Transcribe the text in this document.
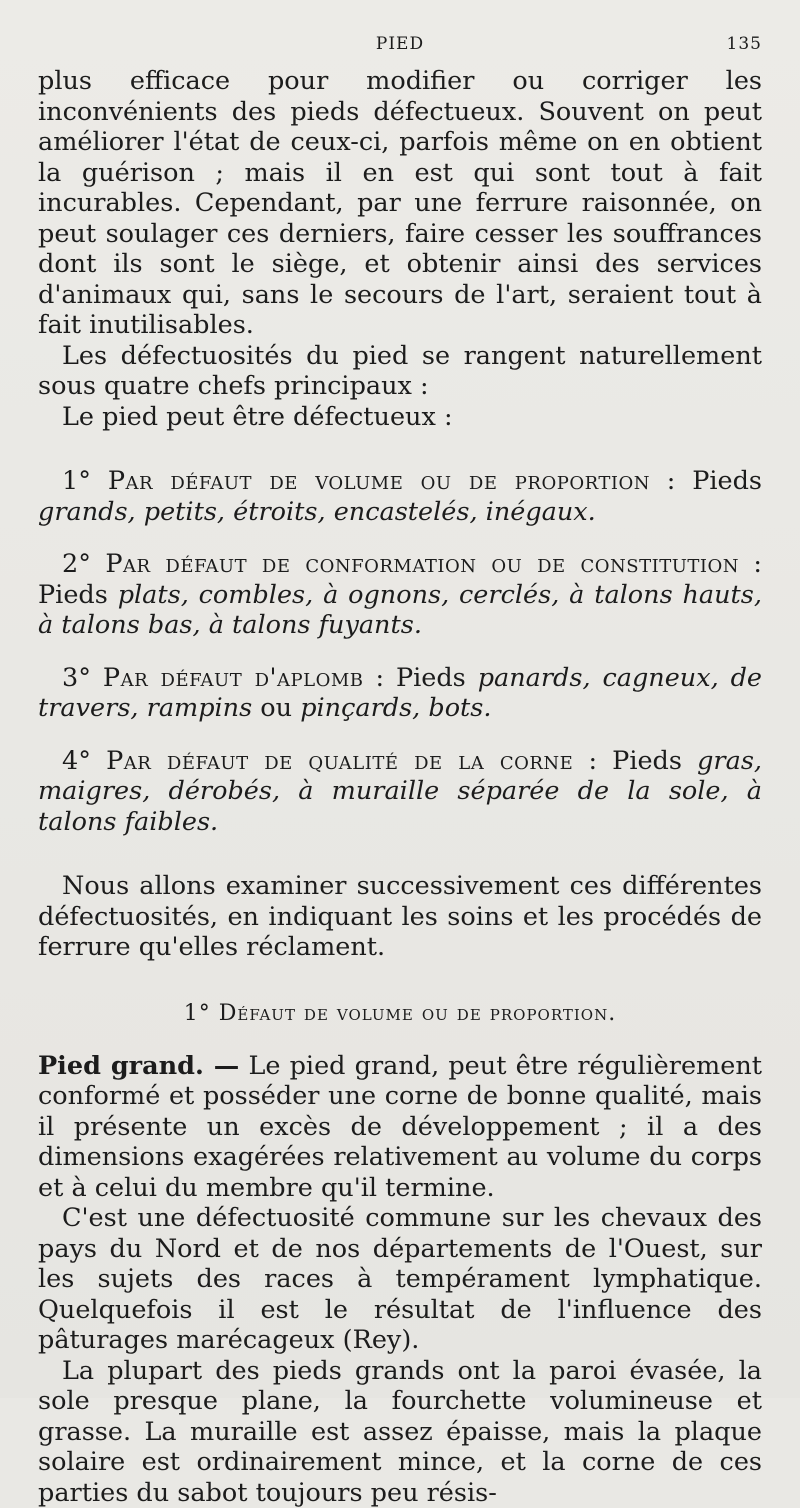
PIED	135

plus efficace pour modifier ou corriger les inconvénients des pieds défectueux. Souvent on peut améliorer l'état de ceux-ci, parfois même on en obtient la guérison ; mais il en est qui sont tout à fait incurables. Cependant, par une ferrure raisonnée, on peut soulager ces derniers, faire cesser les souffrances dont ils sont le siège, et obtenir ainsi des services d'animaux qui, sans le secours de l'art, seraient tout à fait inutilisables.

Les défectuosités du pied se rangent naturellement sous quatre chefs principaux :

Le pied peut être défectueux :

1° Par défaut de volume ou de proportion : Pieds grands, petits, étroits, encastelés, inégaux.

2° Par défaut de conformation ou de constitution : Pieds plats, combles, à ognons, cerclés, à talons hauts, à talons bas, à talons fuyants.

3° Par défaut d'aplomb : Pieds panards, cagneux, de travers, rampins ou pinçards, bots.

4° Par défaut de qualité de la corne : Pieds gras, maigres, dérobés, à muraille séparée de la sole, à talons faibles.

Nous allons examiner successivement ces différentes défectuosités, en indiquant les soins et les procédés de ferrure qu'elles réclament.

1° Défaut de volume ou de proportion.

Pied grand. — Le pied grand, peut être régulièrement conformé et posséder une corne de bonne qualité, mais il présente un excès de développement ; il a des dimensions exagérées relativement au volume du corps et à celui du membre qu'il termine.

C'est une défectuosité commune sur les chevaux des pays du Nord et de nos départements de l'Ouest, sur les sujets des races à tempérament lymphatique. Quelquefois il est le résultat de l'influence des pâturages marécageux (Rey).

La plupart des pieds grands ont la paroi évasée, la sole presque plane, la fourchette volumineuse et grasse. La muraille est assez épaisse, mais la plaque solaire est ordinairement mince, et la corne de ces parties du sabot toujours peu résis-
